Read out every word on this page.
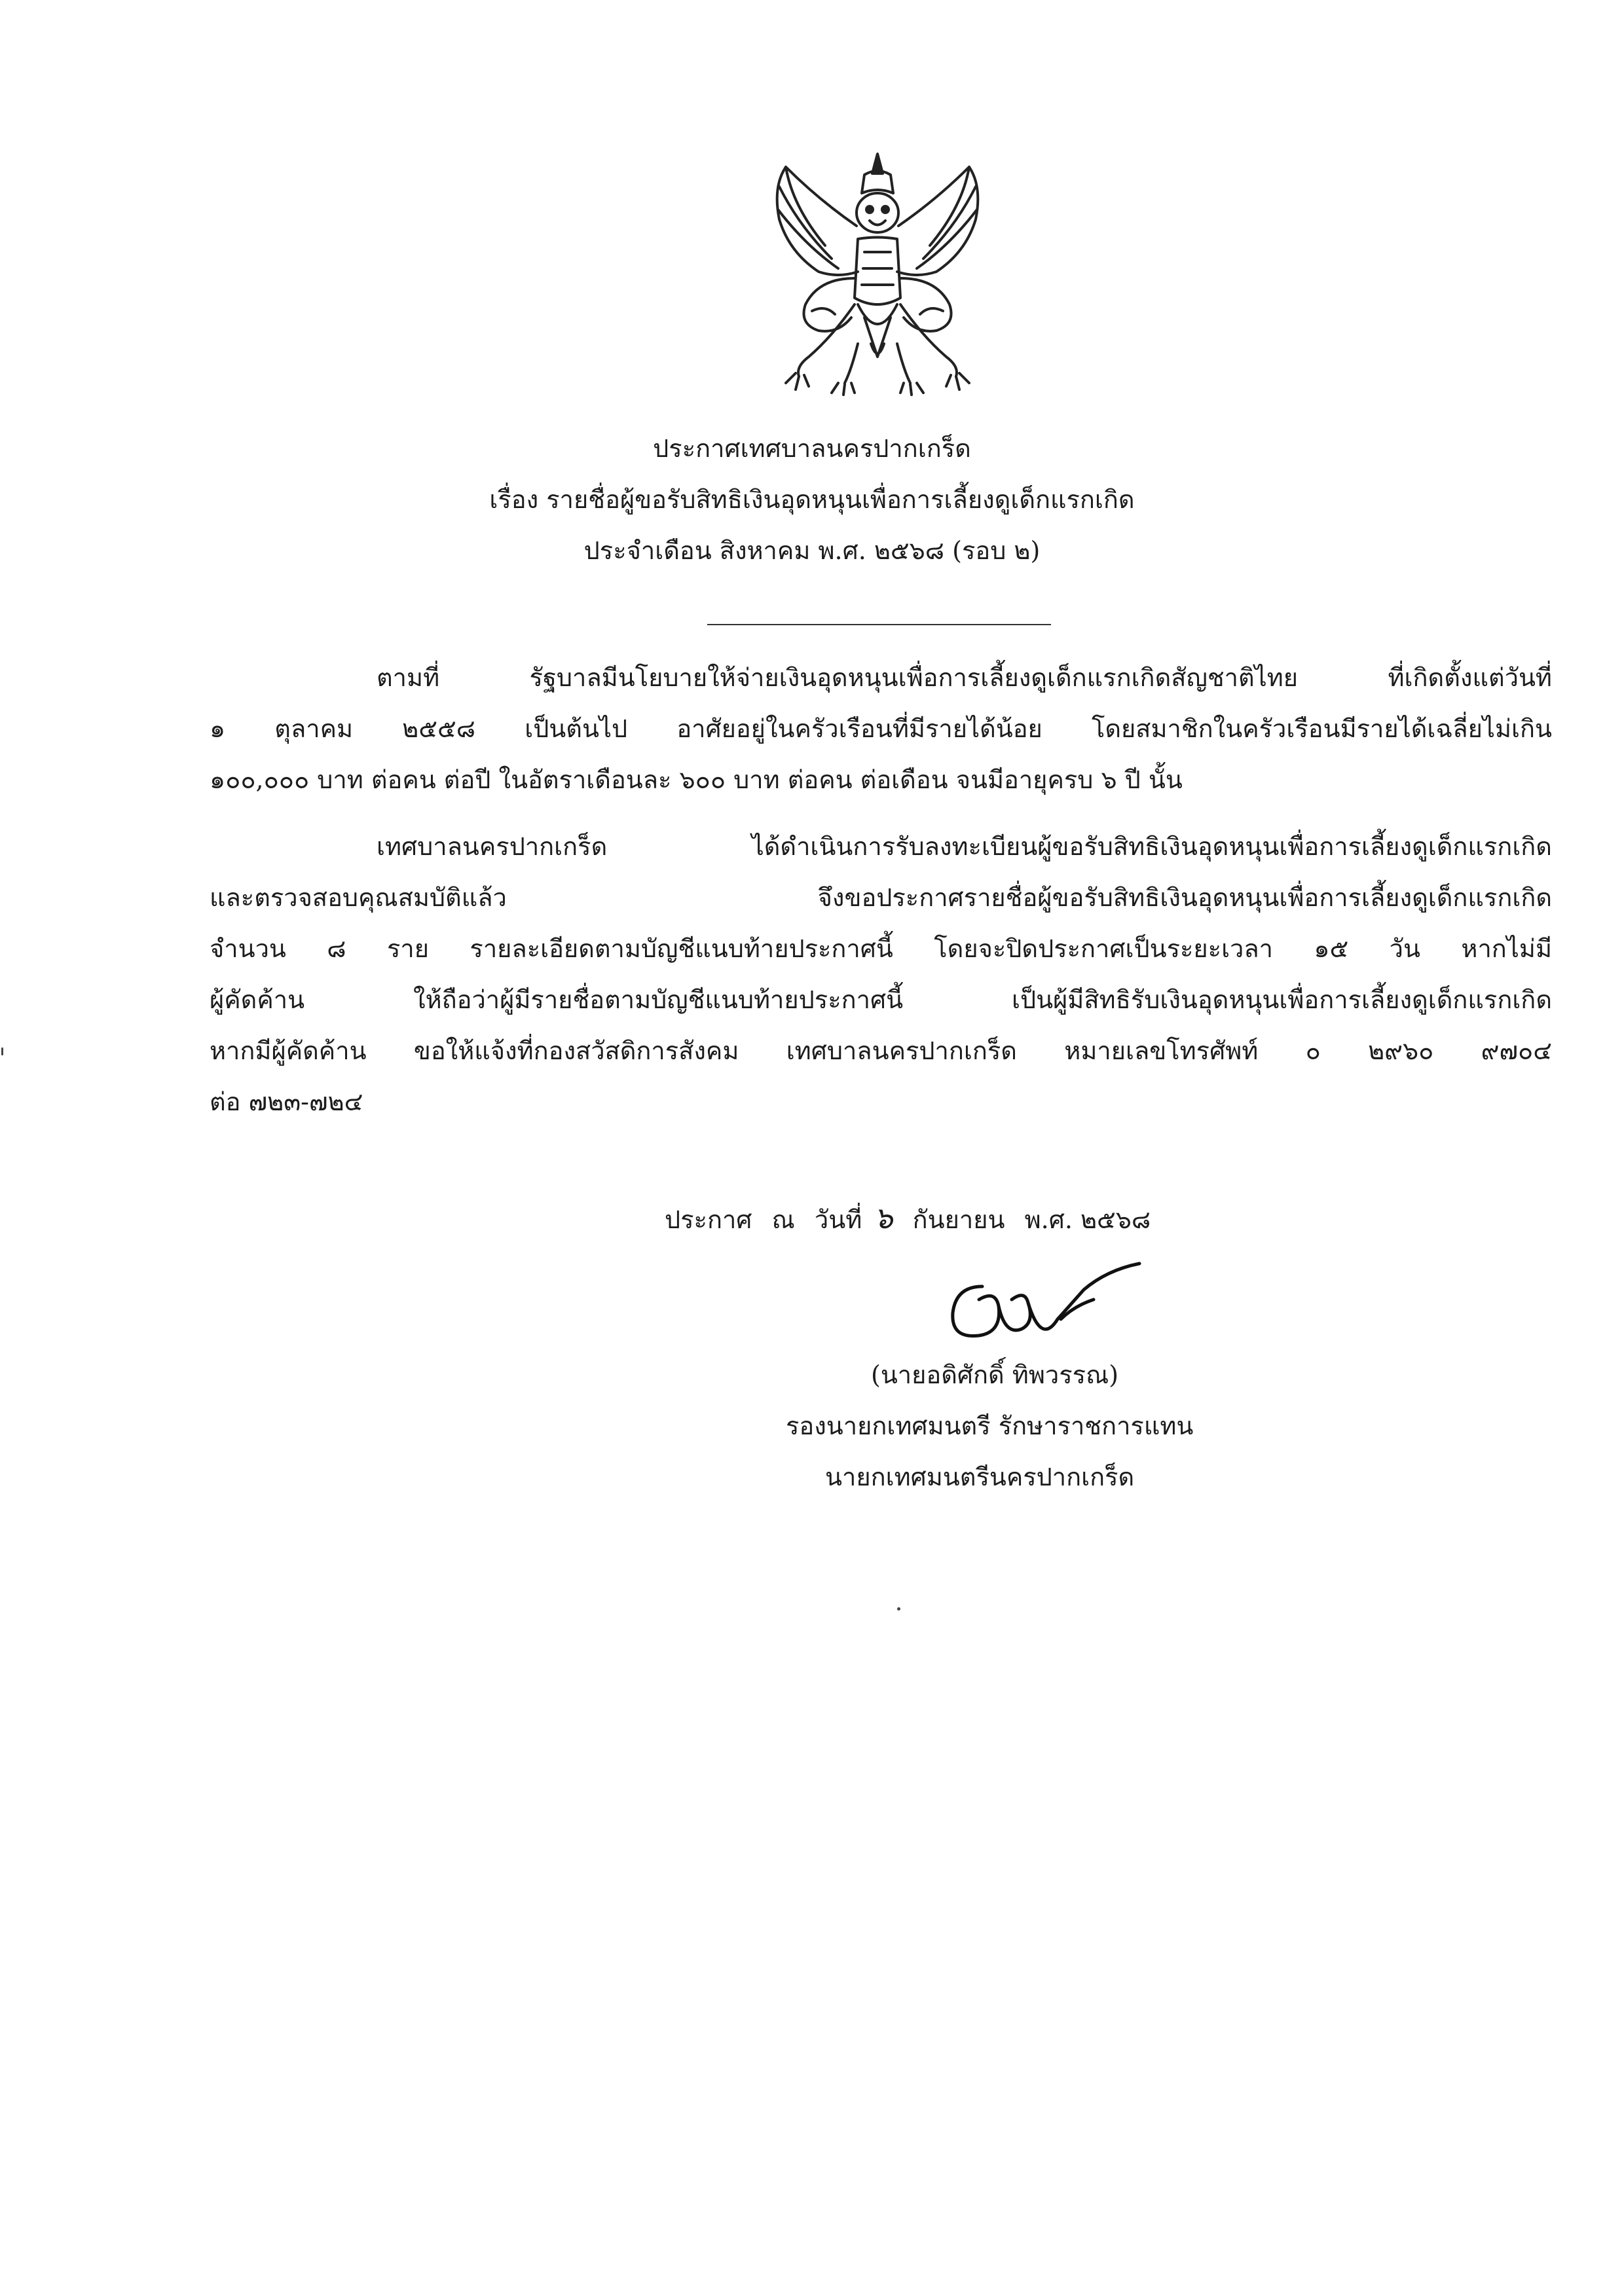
ประกาศเทศบาลนครปากเกร็ด
เรื่อง รายชื่อผู้ขอรับสิทธิเงินอุดหนุนเพื่อการเลี้ยงดูเด็กแรกเกิด
ประจำเดือน สิงหาคม พ.ศ. ๒๕๖๘ (รอบ ๒)
ตามที่ รัฐบาลมีนโยบายให้จ่ายเงินอุดหนุนเพื่อการเลี้ยงดูเด็กแรกเกิดสัญชาติไทย ที่เกิดตั้งแต่วันที่
๑ ตุลาคม ๒๕๕๘ เป็นต้นไป อาศัยอยู่ในครัวเรือนที่มีรายได้น้อย โดยสมาชิกในครัวเรือนมีรายได้เฉลี่ยไม่เกิน
๑๐๐,๐๐๐ บาท ต่อคน ต่อปี ในอัตราเดือนละ ๖๐๐ บาท ต่อคน ต่อเดือน จนมีอายุครบ ๖ ปี นั้น
เทศบาลนครปากเกร็ด ได้ดำเนินการรับลงทะเบียนผู้ขอรับสิทธิเงินอุดหนุนเพื่อการเลี้ยงดูเด็กแรกเกิด
และตรวจสอบคุณสมบัติแล้ว จึงขอประกาศรายชื่อผู้ขอรับสิทธิเงินอุดหนุนเพื่อการเลี้ยงดูเด็กแรกเกิด
จำนวน ๘ ราย รายละเอียดตามบัญชีแนบท้ายประกาศนี้ โดยจะปิดประกาศเป็นระยะเวลา ๑๕ วัน หากไม่มี
ผู้คัดค้าน ให้ถือว่าผู้มีรายชื่อตามบัญชีแนบท้ายประกาศนี้ เป็นผู้มีสิทธิรับเงินอุดหนุนเพื่อการเลี้ยงดูเด็กแรกเกิด
หากมีผู้คัดค้าน ขอให้แจ้งที่กองสวัสดิการสังคม เทศบาลนครปากเกร็ด หมายเลขโทรศัพท์ ๐ ๒๙๖๐ ๙๗๐๔
ต่อ ๗๒๓-๗๒๔
ประกาศ ณ วันที่ ๖ กันยายน พ.ศ. ๒๕๖๘
(นายอดิศักดิ์ ทิพวรรณ)
รองนายกเทศมนตรี รักษาราชการแทน
นายกเทศมนตรีนครปากเกร็ด
